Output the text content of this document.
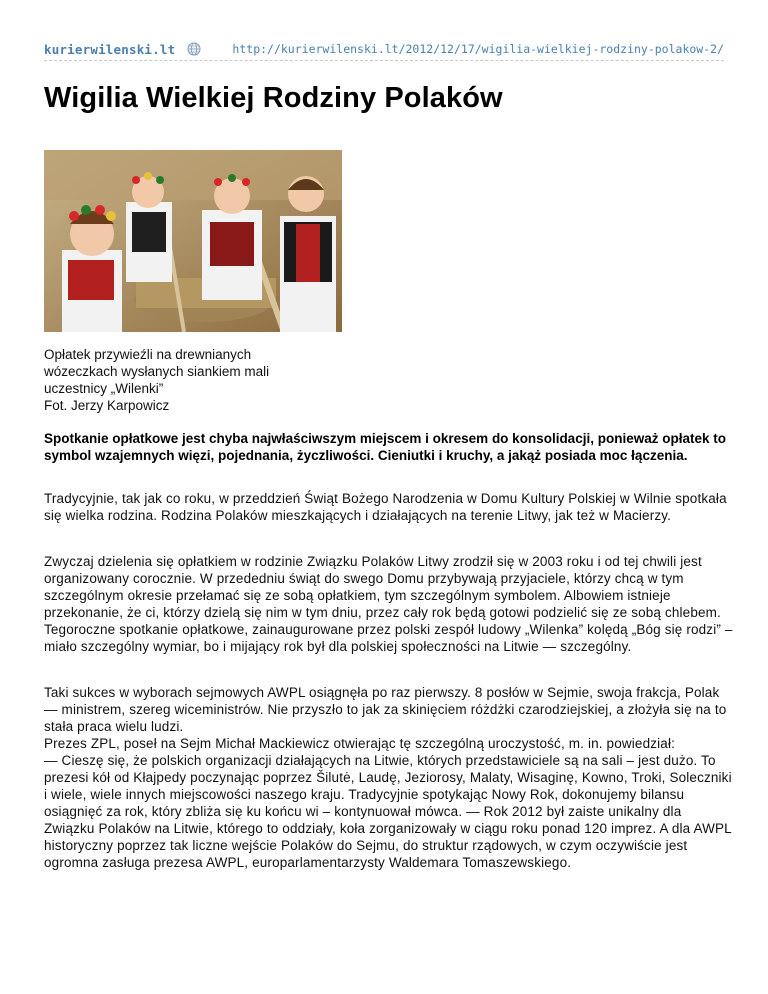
kurierwilenski.lt	http://kurierwilenski.lt/2012/12/17/wigilia-wielkiej-rodziny-polakow-2/
Wigilia Wielkiej Rodziny Polaków
Opłatek przywieźli na drewnianych
wózeczkach wysłanych siankiem mali
uczestnicy „Wilenki”
Fot. Jerzy Karpowicz
Spotkanie opłatkowe jest chyba najwłaściwszym miejscem i okresem do konsolidacji, ponieważ opłatek to symbol wzajemnych więzi, pojednania, życzliwości. Cieniutki i kruchy, a jakąż posiada moc łączenia.
Tradycyjnie, tak jak co roku, w przeddzień Świąt Bożego Narodzenia w Domu Kultury Polskiej w Wilnie spotkała się wielka rodzina. Rodzina Polaków mieszkających i działających na terenie Litwy, jak też w Macierzy.
Zwyczaj dzielenia się opłatkiem w rodzinie Związku Polaków Litwy zrodził się w 2003 roku i od tej chwili jest organizowany corocznie. W przededniu świąt do swego Domu przybywają przyjaciele, którzy chcą w tym szczególnym okresie przełamać się ze sobą opłatkiem, tym szczególnym symbolem. Albowiem istnieje przekonanie, że ci, którzy dzielą się nim w tym dniu, przez cały rok będą gotowi podzielić się ze sobą chlebem. Tegoroczne spotkanie opłatkowe, zainaugurowane przez polski zespół ludowy „Wilenka” kolędą „Bóg się rodzi” – miało szczególny wymiar, bo i mijający rok był dla polskiej społeczności na Litwie — szczególny.
Taki sukces w wyborach sejmowych AWPL osiągnęła po raz pierwszy. 8 posłów w Sejmie, swoja frakcja, Polak — ministrem, szereg wiceministrów. Nie przyszło to jak za skinięciem różdżki czarodziejskiej, a złożyła się na to stała praca wielu ludzi.
Prezes ZPL, poseł na Sejm Michał Mackiewicz otwierając tę szczególną uroczystość, m. in. powiedział:
— Cieszę się, że polskich organizacji działających na Litwie, których przedstawiciele są na sali – jest dużo. To prezesi kół od Kłajpedy poczynając poprzez Šilutė, Laudę, Jeziorosy, Malaty, Wisaginę, Kowno, Troki, Soleczniki i wiele, wiele innych miejscowości naszego kraju. Tradycyjnie spotykając Nowy Rok, dokonujemy bilansu osiągnięć za rok, który zbliża się ku końcu wi – kontynuował mówca. — Rok 2012 był zaiste unikalny dla Związku Polaków na Litwie, którego to oddziały, koła zorganizowały w ciągu roku ponad 120 imprez. A dla AWPL historyczny poprzez tak liczne wejście Polaków do Sejmu, do struktur rządowych, w czym oczywiście jest ogromna zasługa prezesa AWPL, europarlamentarzysty Waldemara Tomaszewskiego.
